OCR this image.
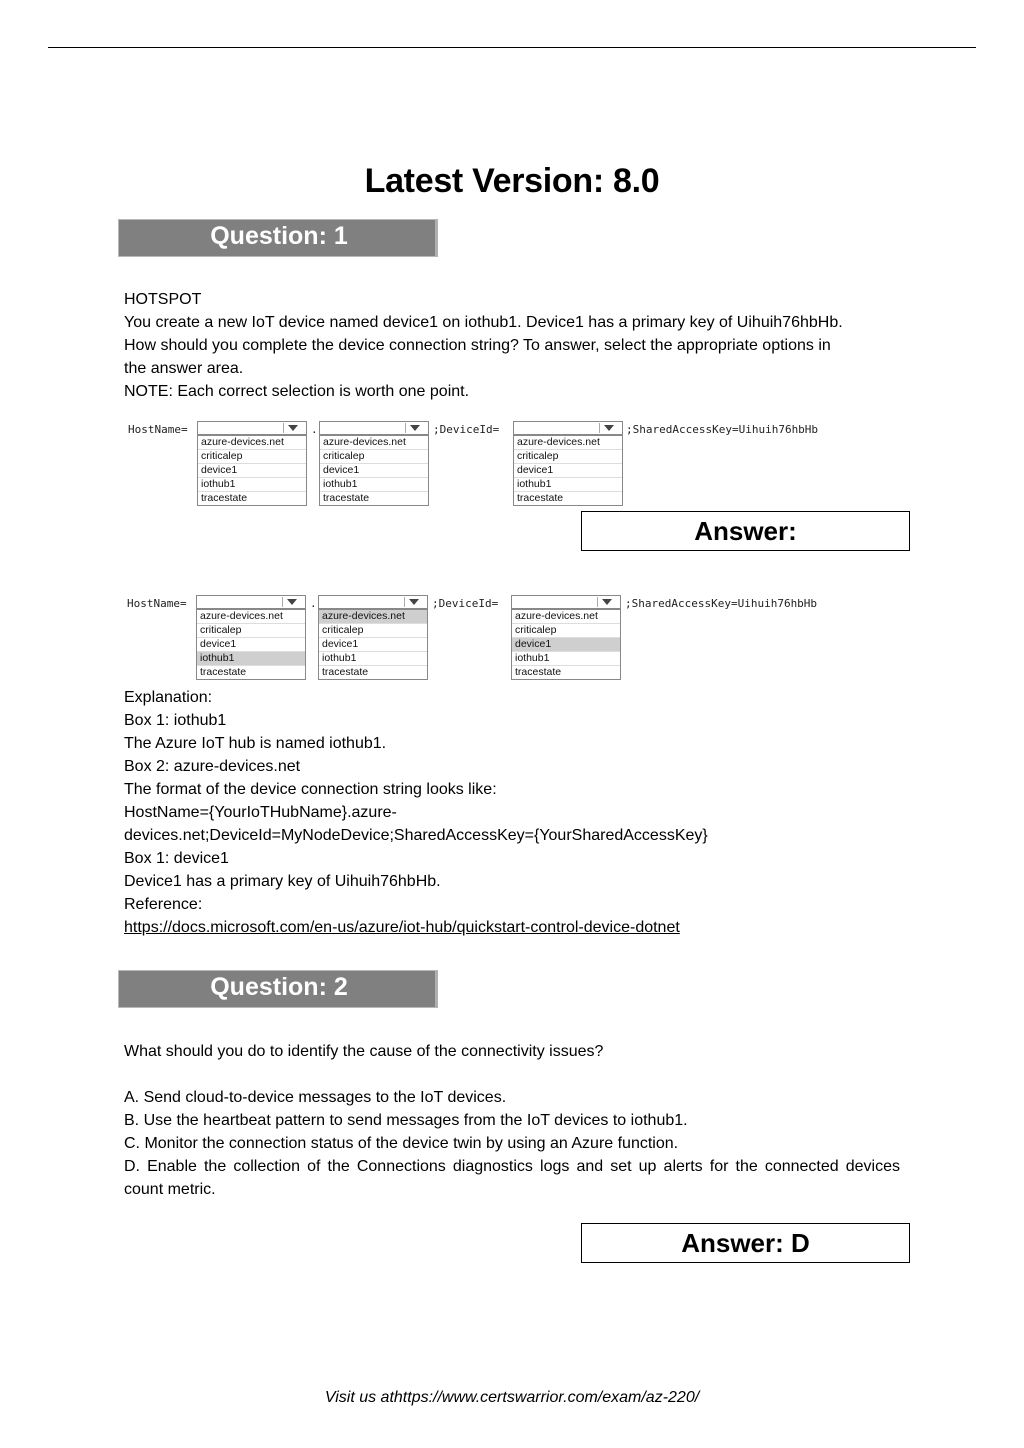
Latest Version: 8.0
Question: 1

HOTSPOT

You create a new IoT device named device1 on iothub1. Device1 has a primary key of Uihuih76hbHb.

How should you complete the device connection string? To answer, select the appropriate options in

the answer area.

NOTE: Each correct selection is worth one point.

HostName=
azure-devices.net
criticalep
device1
iothub1
tracestate
.
azure-devices.net
criticalep
device1
iothub1
tracestate
;DeviceId=
azure-devices.net
criticalep
device1
iothub1
tracestate
;SharedAccessKey=Uihuih76hbHb
Answer:
HostName=
azure-devices.net
criticalep
device1
iothub1
tracestate
.
azure-devices.net
criticalep
device1
iothub1
tracestate
;DeviceId=
azure-devices.net
criticalep
device1
iothub1
tracestate
;SharedAccessKey=Uihuih76hbHb

Explanation:

Box 1: iothub1

The Azure IoT hub is named iothub1.

Box 2: azure-devices.net

The format of the device connection string looks like:

HostName={YourIoTHubName}.azure-

devices.net;DeviceId=MyNodeDevice;SharedAccessKey={YourSharedAccessKey}

Box 1: device1

Device1 has a primary key of Uihuih76hbHb.

Reference:

https://docs.microsoft.com/en-us/azure/iot-hub/quickstart-control-device-dotnet

Question: 2

What should you do to identify the cause of the connectivity issues?

A. Send cloud-to-device messages to the IoT devices.

B. Use the heartbeat pattern to send messages from the IoT devices to iothub1.

C. Monitor the connection status of the device twin by using an Azure function.

D. Enable the collection of the Connections diagnostics logs and set up alerts for the connected devices count metric.

Answer: D
Visit us athttps://www.certswarrior.com/exam/az-220/
